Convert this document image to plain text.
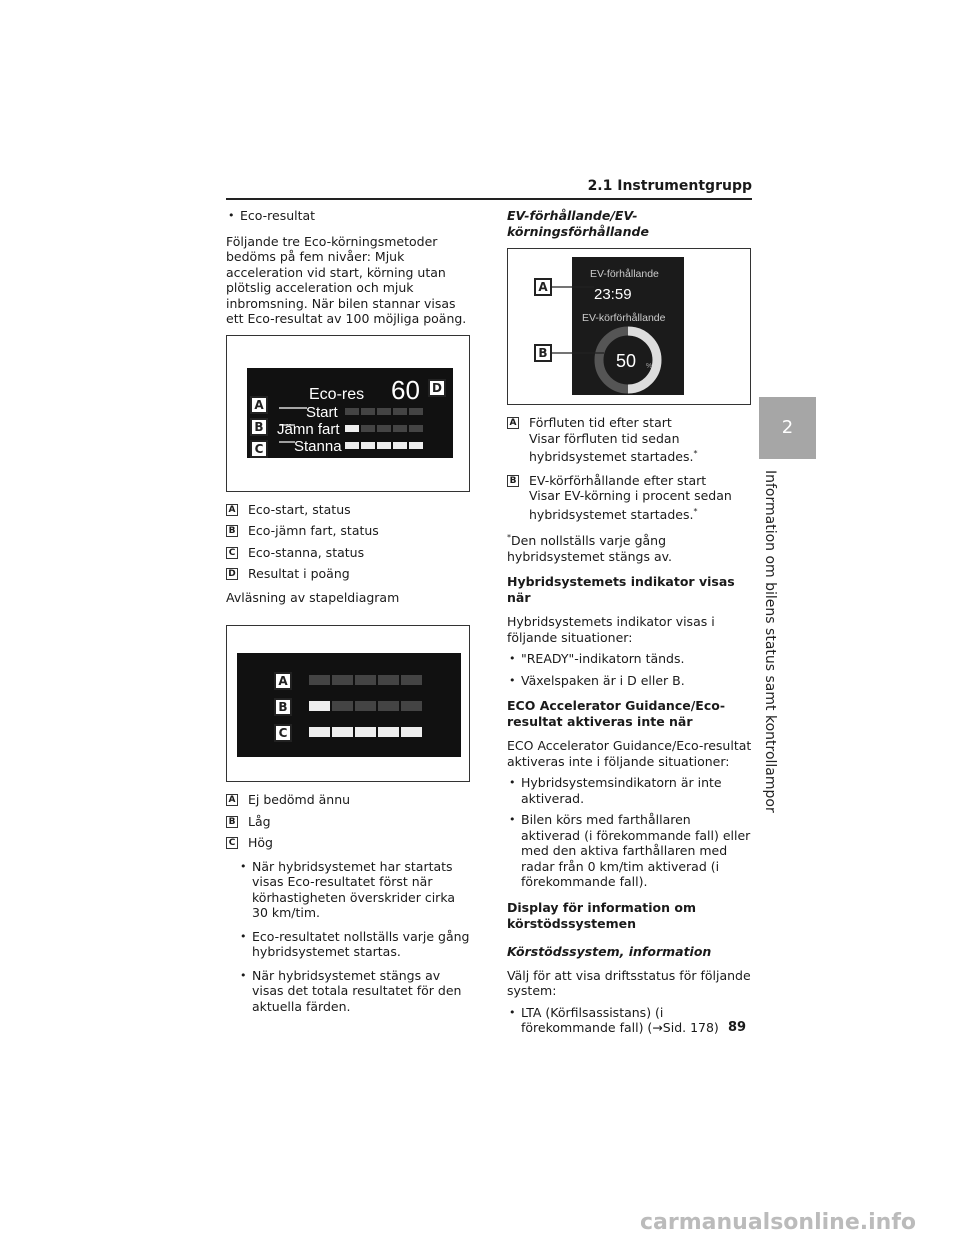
2.1 Instrumentgrupp

• Eco-resultat

Följande tre Eco-körningsmetoder bedöms på fem nivåer: Mjuk acceleration vid start, körning utan plötslig acceleration och mjuk inbromsning. När bilen stannar visas ett Eco-resultat av 100 möjliga poäng.

Eco-res 60
Start
Jämn fart
Stanna
A
B
C
D
A Eco-start, status
B Eco-jämn fart, status
C Eco-stanna, status
D Resultat i poäng

Avläsning av stapeldiagram

A
B
C
A Ej bedömd ännu
B Låg
C Hög

• När hybridsystemet har startats visas Eco-resultatet först när körhastigheten överskrider cirka 30 km/tim.

• Eco-resultatet nollställs varje gång hybridsystemet startas.

• När hybridsystemet stängs av visas det totala resultatet för den aktuella färden.

EV-förhållande/EV-körningsförhållande

EV-förhållande
23:59
EV-körförhållande
50 %
A
B
A Förfluten tid efter start
Visar förfluten tid sedan
hybridsystemet startades.*
B EV-körförhållande efter start
Visar EV-körning i procent sedan
hybridsystemet startades.*

*Den nollställs varje gång hybridsystemet stängs av.

Hybridsystemets indikator visas när

Hybridsystemets indikator visas i följande situationer:

• "READY"-indikatorn tänds.

• Växelspaken är i D eller B.

ECO Accelerator Guidance/Eco-resultat aktiveras inte när

ECO Accelerator Guidance/Eco-resultat aktiveras inte i följande situationer:

• Hybridsystemsindikatorn är inte aktiverad.

• Bilen körs med farthållaren aktiverad (i förekommande fall) eller med den aktiva farthållaren med radar från 0 km/tim aktiverad (i förekommande fall).

Display för information om körstödssystemen

Körstödssystem, information

Välj för att visa driftsstatus för följande system:

• LTA (Körfilsassistans) (i förekommande fall) (→Sid. 178)

2
Information om bilens status samt kontrollampor
89
carmanualsonline.info
